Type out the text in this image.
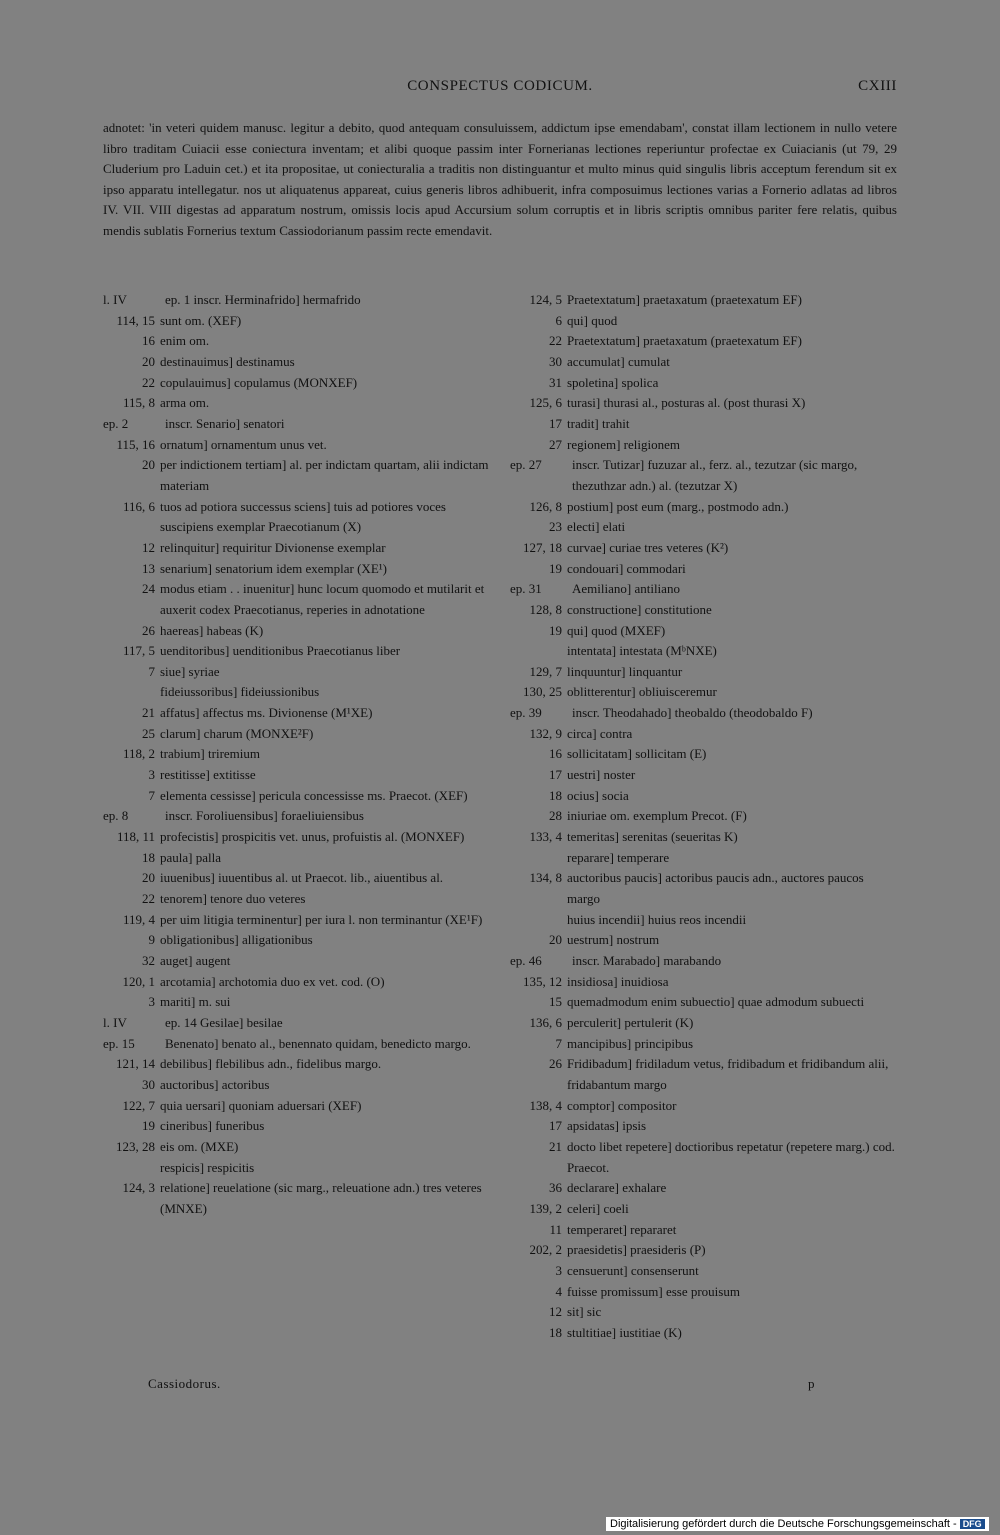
CONSPECTUS CODICUM.	CXIII

adnotet: 'in veteri quidem manusc. legitur a debito, quod antequam consuluissem, addictum ipse emendabam', constat illam lectionem in nullo vetere libro traditam Cuiacii esse coniectura inventam; et alibi quoque passim inter Fornerianas lectiones reperiuntur profectae ex Cuiacianis (ut 79, 29 Cluderium pro Laduin cet.) et ita propositae, ut coniecturalia a traditis non distinguantur et multo minus quid singulis libris acceptum ferendum sit ex ipso apparatu intellegatur. nos ut aliquatenus appareat, cuius generis libros adhibuerit, infra composuimus lectiones varias a Fornerio adlatas ad libros IV. VII. VIII digestas ad apparatum nostrum, omissis locis apud Accursium solum corruptis et in libris scriptis omnibus pariter fere relatis, quibus mendis sublatis Fornerius textum Cassiodorianum passim recte emendavit.

l. IV	ep. 1 inscr. Herminafrido] hermafrido
114, 15 sunt om. (XEF)
16 enim om.
20 destinauimus] destinamus
22 copulauimus] copulamus (MONXEF)
115, 8 arma om.
ep. 2	inscr. Senario] senatori
115, 16 ornatum] ornamentum unus vet.
20 per indictionem tertiam] al. per indictam quartam, alii indictam materiam
116, 6 tuos ad potiora successus sciens] tuis ad potiores voces suscipiens exemplar Praecotianum (X)
12 relinquitur] requiritur Divionense exemplar
13 senarium] senatorium idem exemplar (XE¹)
24 modus etiam . . inuenitur] hunc locum quomodo et mutilarit et auxerit codex Praecotianus, reperies in adnotatione
26 haereas] habeas (K)
117, 5 uenditoribus] uenditionibus Praecotianus liber
7 siue] syriae
fideiussoribus] fideiussionibus
21 affatus] affectus ms. Divionense (M¹XE)
25 clarum] charum (MONXE²F)
118, 2 trabium] triremium
3 restitisse] extitisse
7 elementa cessisse] pericula concessisse ms. Praecot. (XEF)
ep. 8	inscr. Foroliuensibus] foraeliuiensibus
118, 11 profecistis] prospicitis vet. unus, profuistis al. (MONXEF)
18 paula] palla
20 iuuenibus] iuuentibus al. ut Praecot. lib., aiuentibus al.
22 tenorem] tenore duo veteres
119, 4 per uim litigia terminentur] per iura l. non terminantur (XE¹F)
9 obligationibus] alligationibus
32 auget] augent
120, 1 arcotamia] archotomia duo ex vet. cod. (O)
3 mariti] m. sui
l. IV	ep. 14 Gesilae] besilae
ep. 15	Benenato] benato al., benennato quidam, benedicto margo.
121, 14 debilibus] flebilibus adn., fidelibus margo.
30 auctoribus] actoribus
122, 7 quia uersari] quoniam aduersari (XEF)
19 cineribus] funeribus
123, 28 eis om. (MXE)
respicis] respicitis
124, 3 relatione] reuelatione (sic marg., releuatione adn.) tres veteres (MNXE)
124, 5 Praetextatum] praetaxatum (praetexatum EF)
6 qui] quod
22 Praetextatum] praetaxatum (praetexatum EF)
30 accumulat] cumulat
31 spoletina] spolica
125, 6 turasi] thurasi al., posturas al. (post thurasi X)
17 tradit] trahit
27 regionem] religionem
ep. 27	inscr. Tutizar] fuzuzar al., ferz. al., tezutzar (sic margo, thezuthzar adn.) al. (tezutzar X)
126, 8 postium] post eum (marg., postmodo adn.)
23 electi] elati
127, 18 curvae] curiae tres veteres (K²)
19 condouari] commodari
ep. 31	Aemiliano] antiliano
128, 8 constructione] constitutione
19 qui] quod (MXEF)
intentata] intestata (MᵇNXE)
129, 7 linquuntur] linquantur
130, 25 oblitterentur] obliuisceremur
ep. 39	inscr. Theodahado] theobaldo (theodobaldo F)
132, 9 circa] contra
16 sollicitatam] sollicitam (E)
17 uestri] noster
18 ocius] socia
28 iniuriae om. exemplum Precot. (F)
133, 4 temeritas] serenitas (seueritas K)
reparare] temperare
134, 8 auctoribus paucis] actoribus paucis adn., auctores paucos margo
huius incendii] huius reos incendii
20 uestrum] nostrum
ep. 46	inscr. Marabado] marabando
135, 12 insidiosa] inuidiosa
15 quemadmodum enim subuectio] quae admodum subuecti
136, 6 perculerit] pertulerit (K)
7 mancipibus] principibus
26 Fridibadum] fridiladum vetus, fridibadum et fridibandum alii, fridabantum margo
138, 4 comptor] compositor
17 apsidatas] ipsis
21 docto libet repetere] doctioribus repetatur (repetere marg.) cod. Praecot.
36 declarare] exhalare
139, 2 celeri] coeli
11 temperaret] repararet
202, 2 praesidetis] praesideris (P)
3 censuerunt] consenserunt
4 fuisse promissum] esse prouisum
12 sit] sic
18 stultitiae] iustitiae (K)
Cassiodorus.	p
Digitalisierung gefördert durch die Deutsche Forschungsgemeinschaft - DFG
